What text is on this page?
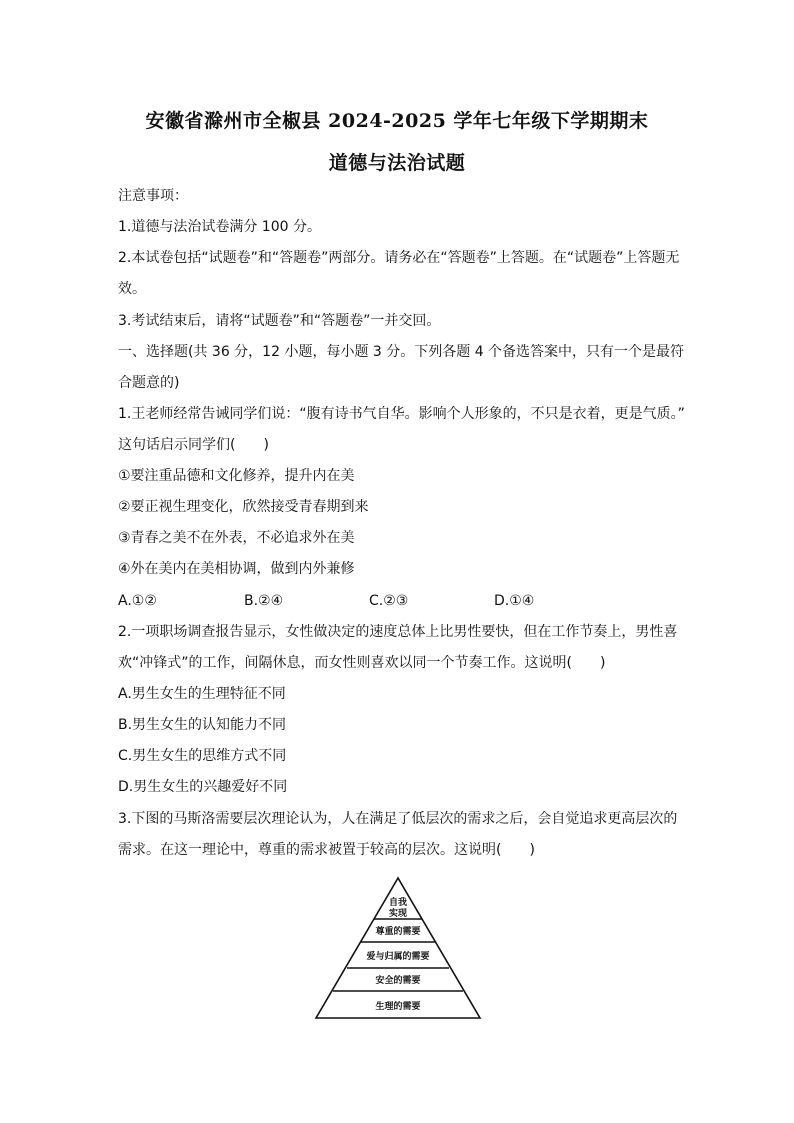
安徽省滁州市全椒县 2024-2025 学年七年级下学期期末
道德与法治试题
注意事项：
1.道德与法治试卷满分 100 分。
2.本试卷包括“试题卷”和“答题卷”两部分。请务必在“答题卷”上答题。在“试题卷”上答题无
效。
3.考试结束后，请将“试题卷”和“答题卷”一并交回。
一、选择题(共 36 分，12 小题，每小题 3 分。下列各题 4 个备选答案中，只有一个是最符
合题意的)
1.王老师经常告诫同学们说：“腹有诗书气自华。影响个人形象的，不只是衣着，更是气质。”
这句话启示同学们(　　)
①要注重品德和文化修养，提升内在美
②要正视生理变化，欣然接受青春期到来
③青春之美不在外表，不必追求外在美
④外在美内在美相协调，做到内外兼修
A.①②	B.②④	C.②③	D.①④
2.一项职场调查报告显示，女性做决定的速度总体上比男性要快，但在工作节奏上，男性喜
欢“冲锋式”的工作，间隔休息，而女性则喜欢以同一个节奏工作。这说明(　　)
A.男生女生的生理特征不同
B.男生女生的认知能力不同
C.男生女生的思维方式不同
D.男生女生的兴趣爱好不同
3.下图的马斯洛需要层次理论认为，人在满足了低层次的需求之后，会自觉追求更高层次的
需求。在这一理论中，尊重的需求被置于较高的层次。这说明(　　)
自我
实现
尊重的需要
爱与归属的需要
安全的需要
生理的需要
